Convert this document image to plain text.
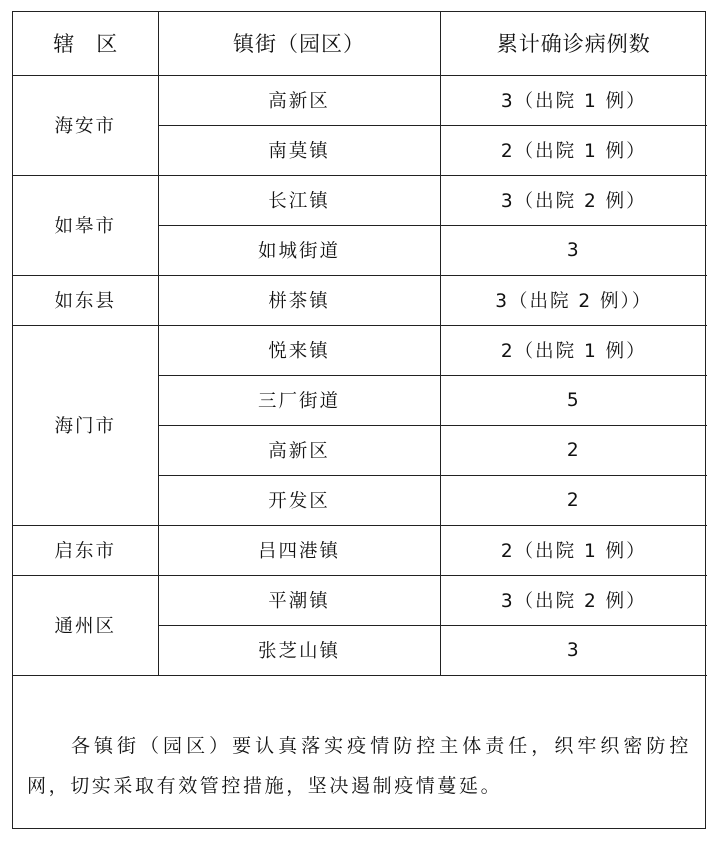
辖区	镇街（园区）	累计确诊病例数
海安市	高新区	3（出院 1 例）
	南莫镇	2（出院 1 例）
如皋市	长江镇	3（出院 2 例）
	如城街道	3
如东县	栟茶镇	3（出院 2 例））
海门市	悦来镇	2（出院 1 例）
	三厂街道	5
	高新区	2
	开发区	2
启东市	吕四港镇	2（出院 1 例）
通州区	平潮镇	3（出院 2 例）
	张芝山镇	3
各镇街（园区）要认真落实疫情防控主体责任，织牢织密防控网，切实采取有效管控措施，坚决遏制疫情蔓延。
